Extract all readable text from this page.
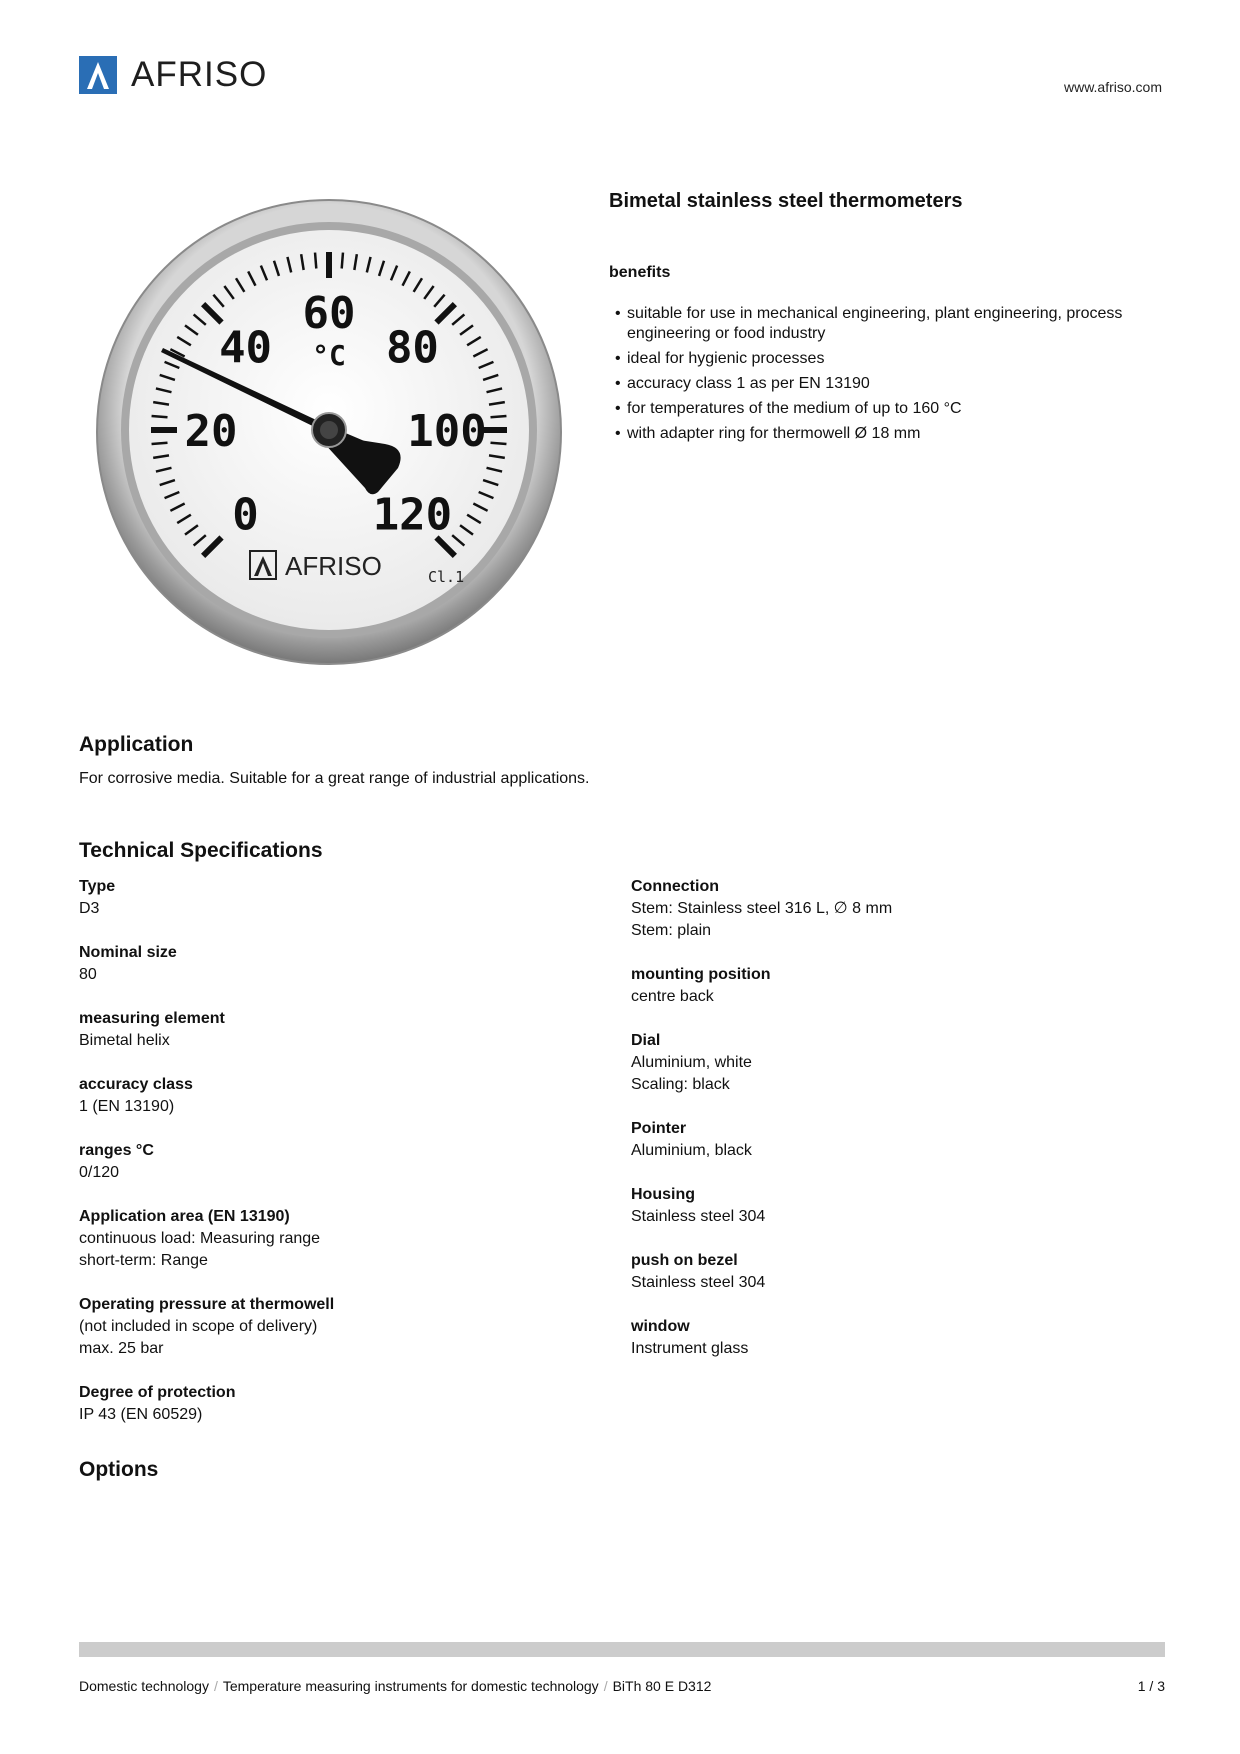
AFRISO	www.afriso.com
0
20
40
60
80
100
120
°C
AFRISO	Cl.1
Bimetal stainless steel thermometers
benefits
• suitable for use in mechanical engineering, plant engineering, process engineering or food industry
• ideal for hygienic processes
• accuracy class 1 as per EN 13190
• for temperatures of the medium of up to 160 °C
• with adapter ring for thermowell Ø 18 mm
Application

For corrosive media. Suitable for a great range of industrial applications.

Technical Specifications
Type
D3
Nominal size
80
measuring element
Bimetal helix
accuracy class
1 (EN 13190)
ranges °C
0/120
Application area (EN 13190)
continuous load: Measuring range
short-term: Range
Operating pressure at thermowell
(not included in scope of delivery)
max. 25 bar
Degree of protection
IP 43 (EN 60529)
Connection
Stem: Stainless steel 316 L, ∅ 8 mm
Stem: plain
mounting position
centre back
Dial
Aluminium, white
Scaling: black
Pointer
Aluminium, black
Housing
Stainless steel 304
push on bezel
Stainless steel 304
window
Instrument glass
Options
Domestic technology / Temperature measuring instruments for domestic technology / BiTh 80 E D312	1 / 3
